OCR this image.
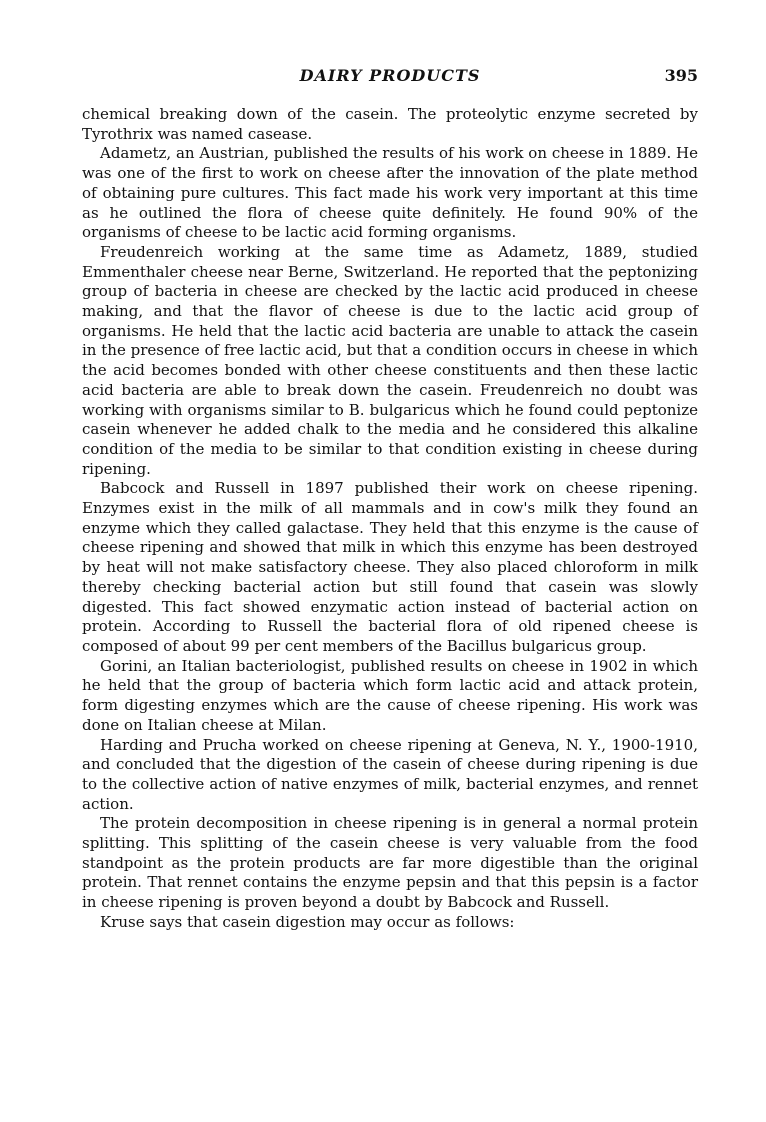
DAIRY PRODUCTS	395

chemical breaking down of the casein. The proteolytic enzyme secreted by Tyrothrix was named casease.

Adametz, an Austrian, published the results of his work on cheese in 1889. He was one of the first to work on cheese after the innovation of the plate method of obtaining pure cultures. This fact made his work very important at this time as he outlined the flora of cheese quite definitely. He found 90% of the organisms of cheese to be lactic acid forming organisms.

Freudenreich working at the same time as Adametz, 1889, studied Emmenthaler cheese near Berne, Switzerland. He reported that the peptonizing group of bacteria in cheese are checked by the lactic acid produced in cheese making, and that the flavor of cheese is due to the lactic acid group of organisms. He held that the lactic acid bacteria are unable to attack the casein in the presence of free lactic acid, but that a condition occurs in cheese in which the acid becomes bonded with other cheese constituents and then these lactic acid bacteria are able to break down the casein. Freudenreich no doubt was working with organisms similar to B. bulgaricus which he found could peptonize casein whenever he added chalk to the media and he considered this alkaline condition of the media to be similar to that condition existing in cheese during ripening.

Babcock and Russell in 1897 published their work on cheese ripening. Enzymes exist in the milk of all mammals and in cow's milk they found an enzyme which they called galactase. They held that this enzyme is the cause of cheese ripening and showed that milk in which this enzyme has been destroyed by heat will not make satisfactory cheese. They also placed chloroform in milk thereby checking bacterial action but still found that casein was slowly digested. This fact showed enzymatic action instead of bacterial action on protein. According to Russell the bacterial flora of old ripened cheese is composed of about 99 per cent members of the Bacillus bulgaricus group.

Gorini, an Italian bacteriologist, published results on cheese in 1902 in which he held that the group of bacteria which form lactic acid and attack protein, form digesting enzymes which are the cause of cheese ripening. His work was done on Italian cheese at Milan.

Harding and Prucha worked on cheese ripening at Geneva, N. Y., 1900-1910, and concluded that the digestion of the casein of cheese during ripening is due to the collective action of native enzymes of milk, bacterial enzymes, and rennet action.

The protein decomposition in cheese ripening is in general a normal protein splitting. This splitting of the casein cheese is very valuable from the food standpoint as the protein products are far more digestible than the original protein. That rennet contains the enzyme pepsin and that this pepsin is a factor in cheese ripening is proven beyond a doubt by Babcock and Russell.

Kruse says that casein digestion may occur as follows:
